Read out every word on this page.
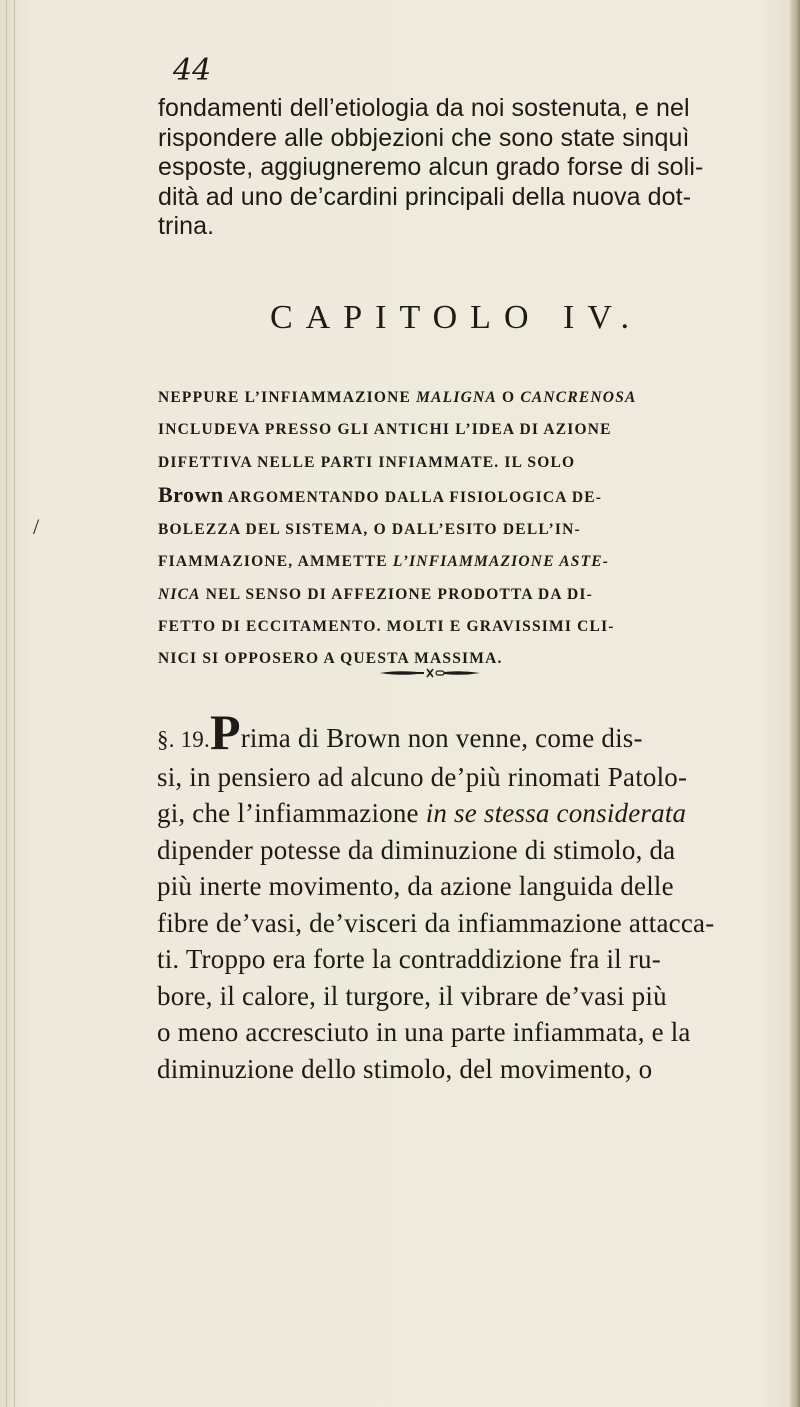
/
44
fondamenti dell’etiologia da noi sostenuta, e nel
rispondere alle obbjezioni che sono state sinquì
esposte, aggiugneremo alcun grado forse di soli-
dità ad uno de’cardini principali della nuova dot-
trina.
CAPITOLO IV.
NEPPURE L’INFIAMMAZIONE MALIGNA O CANCRENOSA
INCLUDEVA PRESSO GLI ANTICHI L’IDEA DI AZIONE
DIFETTIVA NELLE PARTI INFIAMMATE. IL SOLO
Brown ARGOMENTANDO DALLA FISIOLOGICA DE-
BOLEZZA DEL SISTEMA, O DALL’ESITO DELL’IN-
FIAMMAZIONE, AMMETTE L’INFIAMMAZIONE ASTE-
NICA NEL SENSO DI AFFEZIONE PRODOTTA DA DI-
FETTO DI ECCITAMENTO. MOLTI E GRAVISSIMI CLI-
NICI SI OPPOSERO A QUESTA MASSIMA.
§. 19.Prima di Brown non venne, come dis-
si, in pensiero ad alcuno de’più rinomati Patolo-
gi, che l’infiammazione in se stessa considerata
dipender potesse da diminuzione di stimolo, da
più inerte movimento, da azione languida delle
fibre de’vasi, de’visceri da infiammazione attacca-
ti. Troppo era forte la contraddizione fra il ru-
bore, il calore, il turgore, il vibrare de’vasi più
o meno accresciuto in una parte infiammata, e la
diminuzione dello stimolo, del movimento, o
